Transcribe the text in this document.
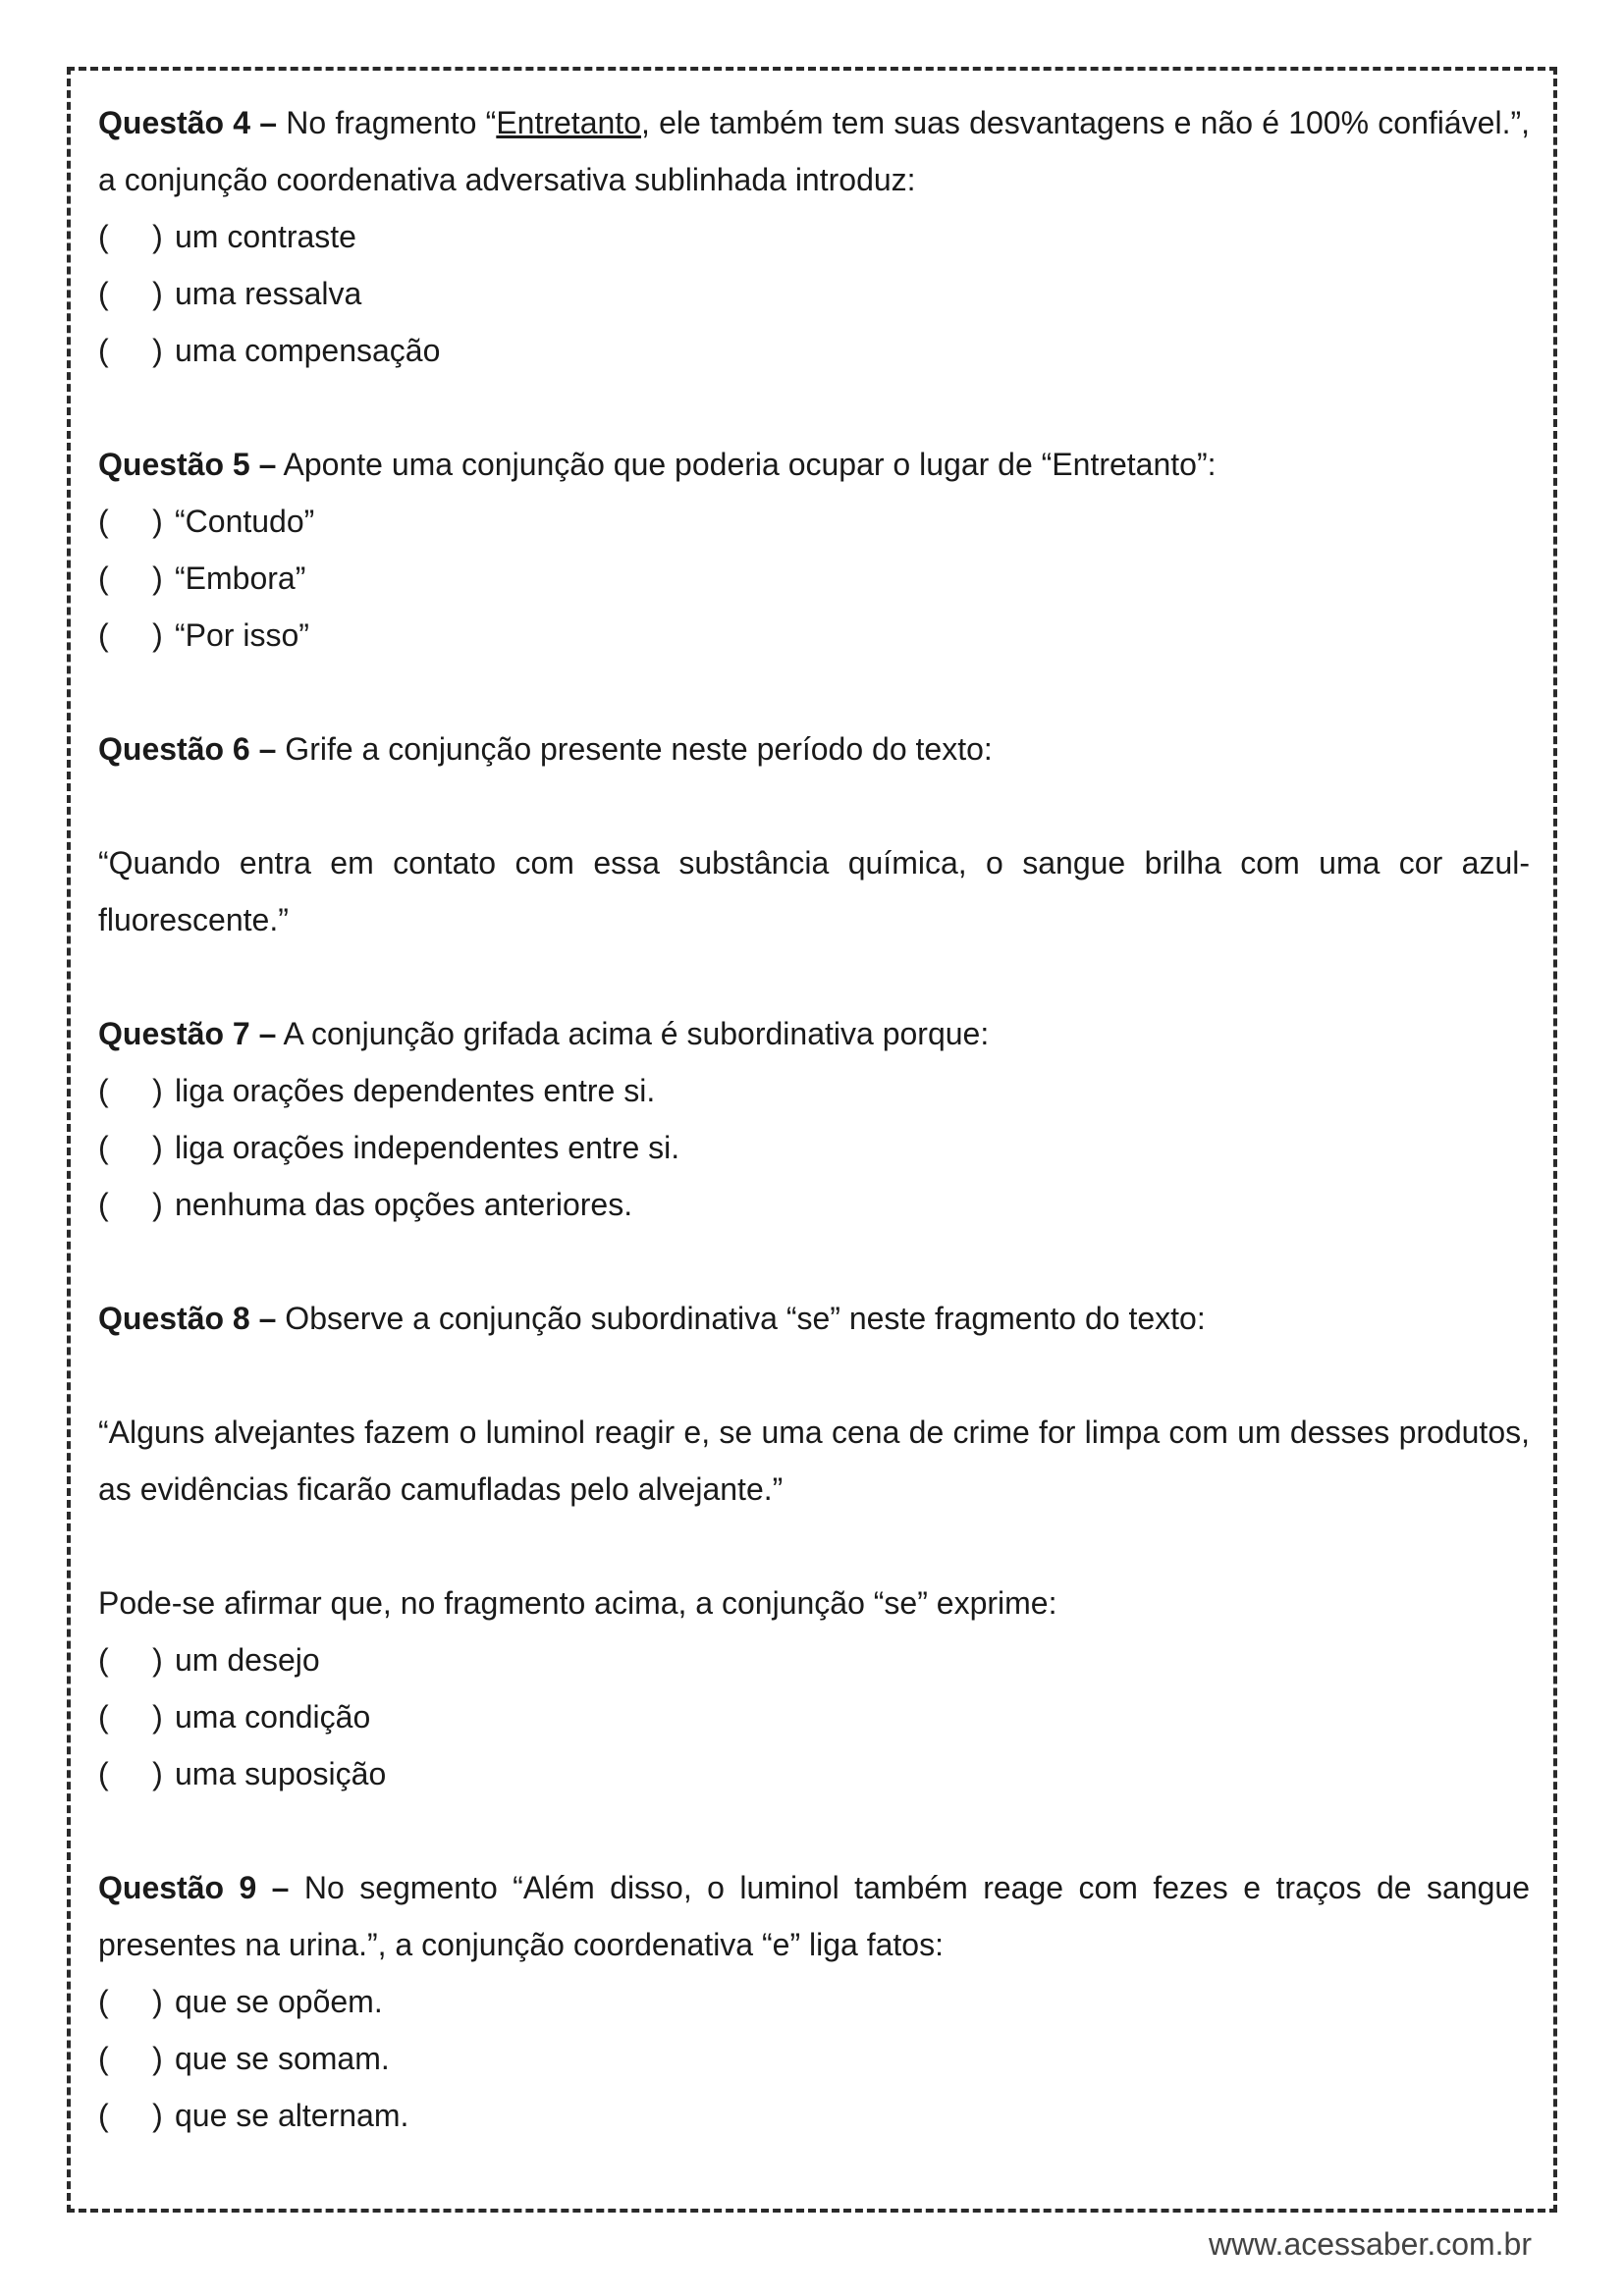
Questão 4 – No fragmento “Entretanto, ele também tem suas desvantagens e não é 100% confiável.”, a conjunção coordenativa adversativa sublinhada introduz:

(     ) um contraste
(     ) uma ressalva
(     ) uma compensação

Questão 5 – Aponte uma conjunção que poderia ocupar o lugar de “Entretanto”:

(     ) “Contudo”
(     ) “Embora”
(     ) “Por isso”

Questão 6 – Grife a conjunção presente neste período do texto:

“Quando entra em contato com essa substância química, o sangue brilha com uma cor azul-fluorescente.”

Questão 7 – A conjunção grifada acima é subordinativa porque:

(     ) liga orações dependentes entre si.
(     ) liga orações independentes entre si.
(     ) nenhuma das opções anteriores.

Questão 8 – Observe a conjunção subordinativa “se” neste fragmento do texto:

“Alguns alvejantes fazem o luminol reagir e, se uma cena de crime for limpa com um desses produtos, as evidências ficarão camufladas pelo alvejante.”

Pode-se afirmar que, no fragmento acima, a conjunção “se” exprime:

(     ) um desejo
(     ) uma condição
(     ) uma suposição

Questão 9 – No segmento “Além disso, o luminol também reage com fezes e traços de sangue presentes na urina.”, a conjunção coordenativa “e” liga fatos:

(     ) que se opõem.
(     ) que se somam.
(     ) que se alternam.
www.acessaber.com.br
